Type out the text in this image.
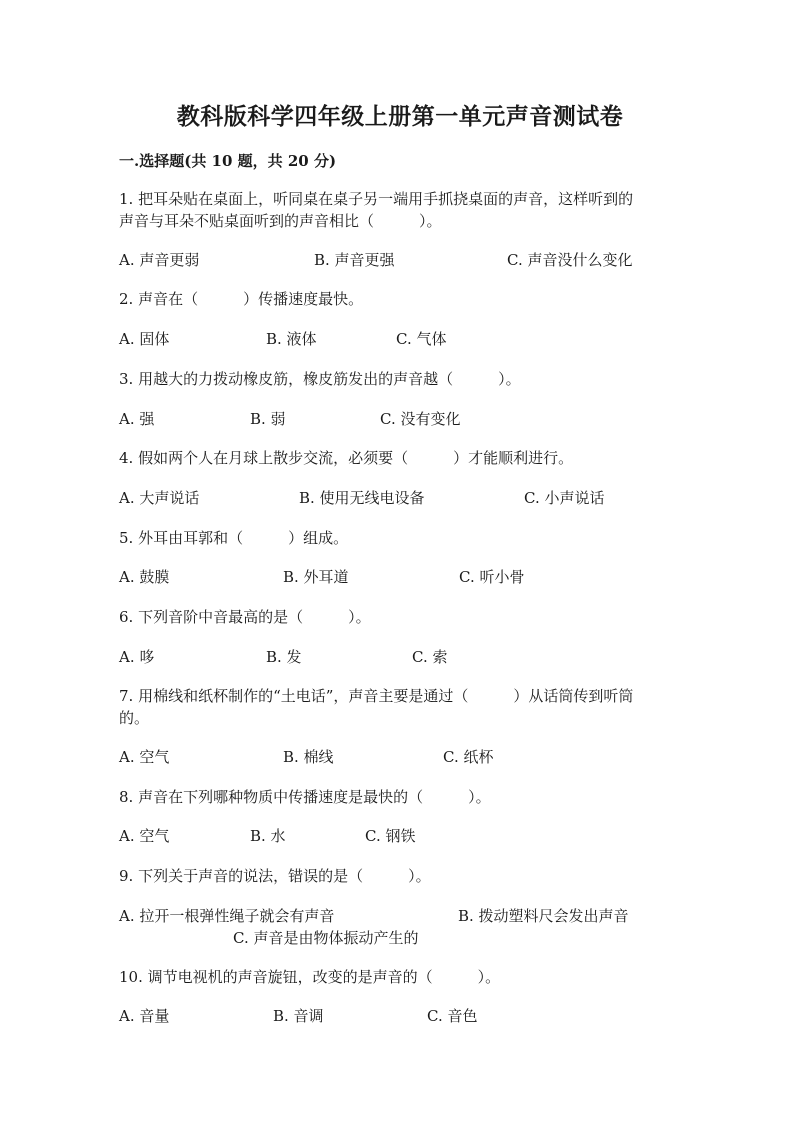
教科版科学四年级上册第一单元声音测试卷
一.选择题(共 10 题，共 20 分)
1. 把耳朵贴在桌面上，听同桌在桌子另一端用手抓挠桌面的声音，这样听到的
声音与耳朵不贴桌面听到的声音相比（　　　）。
A. 声音更弱	B. 声音更强	C. 声音没什么变化
2. 声音在（　　　）传播速度最快。
A. 固体	B. 液体	C. 气体
3. 用越大的力拨动橡皮筋，橡皮筋发出的声音越（　　　）。
A. 强	B. 弱	C. 没有变化
4. 假如两个人在月球上散步交流，必须要（　　　）才能顺利进行。
A. 大声说话	B. 使用无线电设备	C. 小声说话
5. 外耳由耳郭和（　　　）组成。
A. 鼓膜	B. 外耳道	C. 听小骨
6. 下列音阶中音最高的是（　　　）。
A. 哆	B. 发	C. 索
7. 用棉线和纸杯制作的“土电话”，声音主要是通过（　　　）从话筒传到听筒
的。
A. 空气	B. 棉线	C. 纸杯
8. 声音在下列哪种物质中传播速度是最快的（　　　）。
A. 空气	B. 水	C. 钢铁
9. 下列关于声音的说法，错误的是（　　　）。
A. 拉开一根弹性绳子就会有声音	B. 拨动塑料尺会发出声音
C. 声音是由物体振动产生的
10. 调节电视机的声音旋钮，改变的是声音的（　　　）。
A. 音量	B. 音调	C. 音色
